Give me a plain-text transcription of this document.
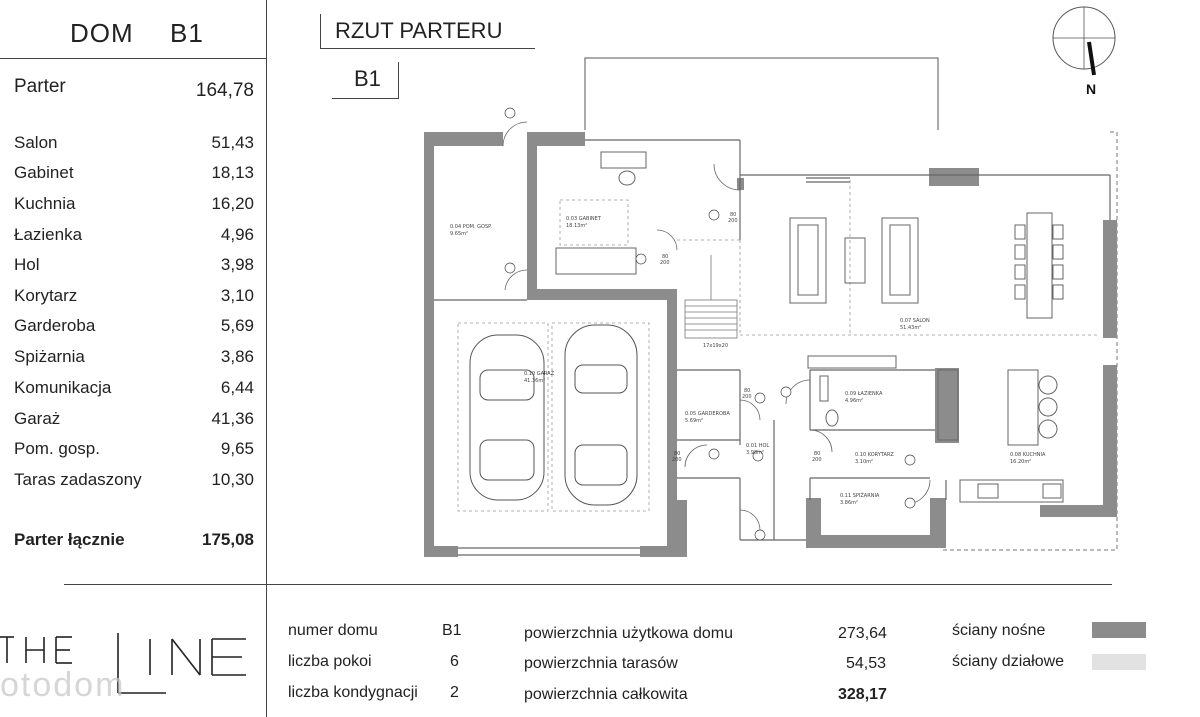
DOM B1
Parter	164,78
Salon	51,43
Gabinet	18,13
Kuchnia	16,20
Łazienka	4,96
Hol	3,98
Korytarz	3,10
Garderoba	5,69
Spiżarnia	3,86
Komunikacja	6,44
Garaż	41,36
Pom. gosp.	9,65
Taras zadaszony	10,30
Parter łącznie	175,08
RZUT PARTERU
B1
0.04 POM. GOSP.
9.65m²
0.03 GABINET
18.13m²
0.10 GARAŻ
41.36m²
0.07 SALON
51.43m²
0.09 ŁAZIENKA
4.96m²
0.05 GARDEROBA
5.69m²
0.01 HOL
3.98m²	0.10 KORYTARZ
3.10m²
0.11 SPIŻARNIA
3.86m²
0.08 KUCHNIA
16.20m²
17x19x20
80
200
80
200
80
200
80
200
80
200
N
otodom
numer domu	B1
liczba pokoi	6
liczba kondygnacji 2
powierzchnia użytkowa domu	273,64
powierzchnia tarasów	54,53
powierzchnia całkowita	328,17
ściany nośne
ściany działowe
